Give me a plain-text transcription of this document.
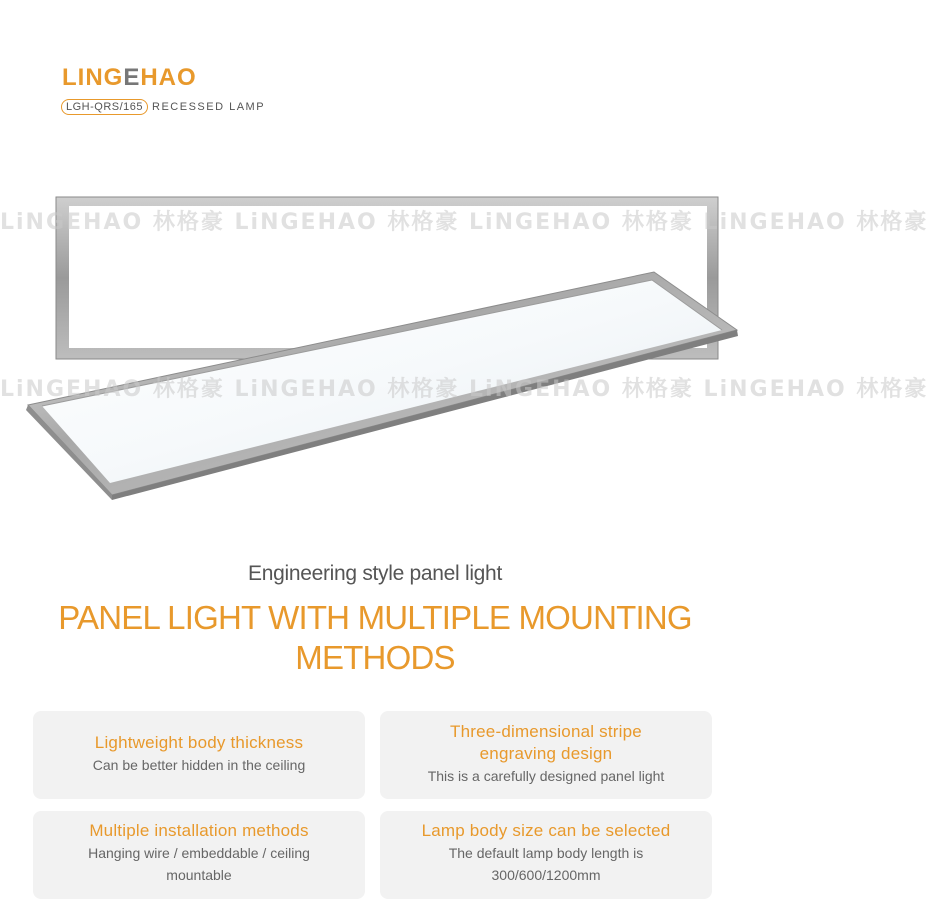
LINGEHAO
LGH-QRS/165 RECESSED LAMP
LiNGEHAO 林格豪 LiNGEHAO 林格豪 LiNGEHAO 林格豪 LiNGEHAO 林格豪
LiNGEHAO 林格豪 LiNGEHAO 林格豪 LiNGEHAO 林格豪 LiNGEHAO 林格豪
Engineering style panel light
PANEL LIGHT WITH MULTIPLE MOUNTING METHODS
Lightweight body thickness
Can be better hidden in the ceiling
Three-dimensional stripe engraving design
This is a carefully designed panel light
Multiple installation methods
Hanging wire / embeddable / ceiling mountable
Lamp body size can be selected
The default lamp body length is 300/600/1200mm
